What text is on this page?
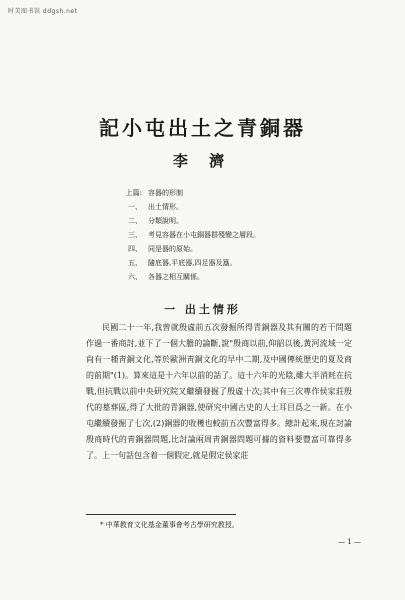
时美图书馆 ddgsh.net
記小屯出土之青銅器
李 濟
上篇: 容器的形制
一、 出土情形。
二、 分類說明。
三、 考見容器在小屯銅器群殘變之層段。
四、 同是器的原始。
五、 隨底器,平底器,四足器及簋。
六、 各器之相互關係。
一 出土情形

民國二十一年,我曾就殷虛前五次發掘所得青銅器及其有關的若干問題作過一番商討,並下了一個大膽的論斷,說"殷商以前,仰韶以後,黃河流域一定尙有一種靑銅文化,等於歐洲靑銅文化的早中二期,及中國傳統歷史的夏及商的前期"(1)。算來這是十六年以前的話了。這十六年的光陰,雖大半消耗在抗戰,但抗戰以前中央研究院又繼續發掘了殷虛十次;其中有三次專作侯家莊殷代的墓葬區,得了大批的青銅器,使研究中國古史的人士耳目爲之一新。在小屯繼續發掘了七次,(2)銅器的收穫也較前五次豐富得多。總計起來,現在討論殷商時代的靑銅器問題,比討論兩周靑銅器問題可據的資料要豐富可靠得多了。上一句話包含着一個假定,就是假定侯家莊

* 中華教育文化基金董事會考古學研究教授。
— 1 —
